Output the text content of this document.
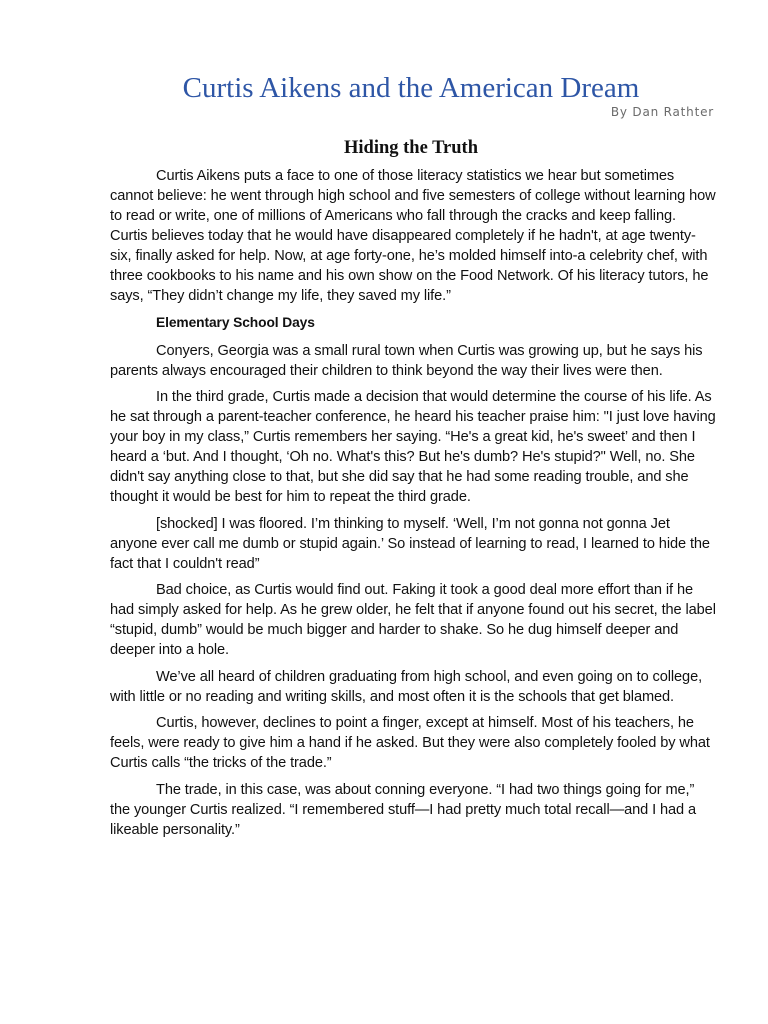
Curtis Aikens and the American Dream
By Dan Rathter
Hiding the Truth

Curtis Aikens puts a face to one of those literacy statistics we hear but sometimes cannot believe: he went through high school and five semesters of college without learning how to read or write, one of millions of Americans who fall through the cracks and keep falling. Curtis believes today that he would have disappeared completely if he hadn't, at age twenty- six, finally asked for help. Now, at age forty-one, he’s molded himself into-a celebrity chef, with three cookbooks to his name and his own show on the Food Network. Of his literacy tutors, he says, “They didn’t change my life, they saved my life.”

Elementary School Days

Conyers, Georgia was a small rural town when Curtis was growing up, but he says his parents always encouraged their children to think beyond the way their lives were then.

In the third grade, Curtis made a decision that would determine the course of his life. As he sat through a parent-teacher conference, he heard his teacher praise him: "I just love having your boy in my class,” Curtis remembers her saying. “He's a great kid, he's sweet’ and then I heard a ‘but. And I thought, ‘Oh no. What's this? But he's dumb? He's stupid?" Well, no. She didn't say anything close to that, but she did say that he had some reading trouble, and she thought it would be best for him to repeat the third grade.

[shocked] I was floored. I’m thinking to myself. ‘Well, I’m not gonna not gonna Jet anyone ever call me dumb or stupid again.’ So instead of learning to read, I learned to hide the fact that I couldn't read”

Bad choice, as Curtis would find out. Faking it took a good deal more effort than if he had simply asked for help. As he grew older, he felt that if anyone found out his secret, the label “stupid, dumb” would be much bigger and harder to shake. So he dug himself deeper and deeper into a hole.

We’ve all heard of children graduating from high school, and even going on to college, with little or no reading and writing skills, and most often it is the schools that get blamed.

Curtis, however, declines to point a finger, except at himself. Most of his teachers, he feels, were ready to give him a hand if he asked. But they were also completely fooled by what Curtis calls “the tricks of the trade.”

The trade, in this case, was about conning everyone. “I had two things going for me,” the younger Curtis realized. “I remembered stuff—I had pretty much total recall—and I had a likeable personality.”
